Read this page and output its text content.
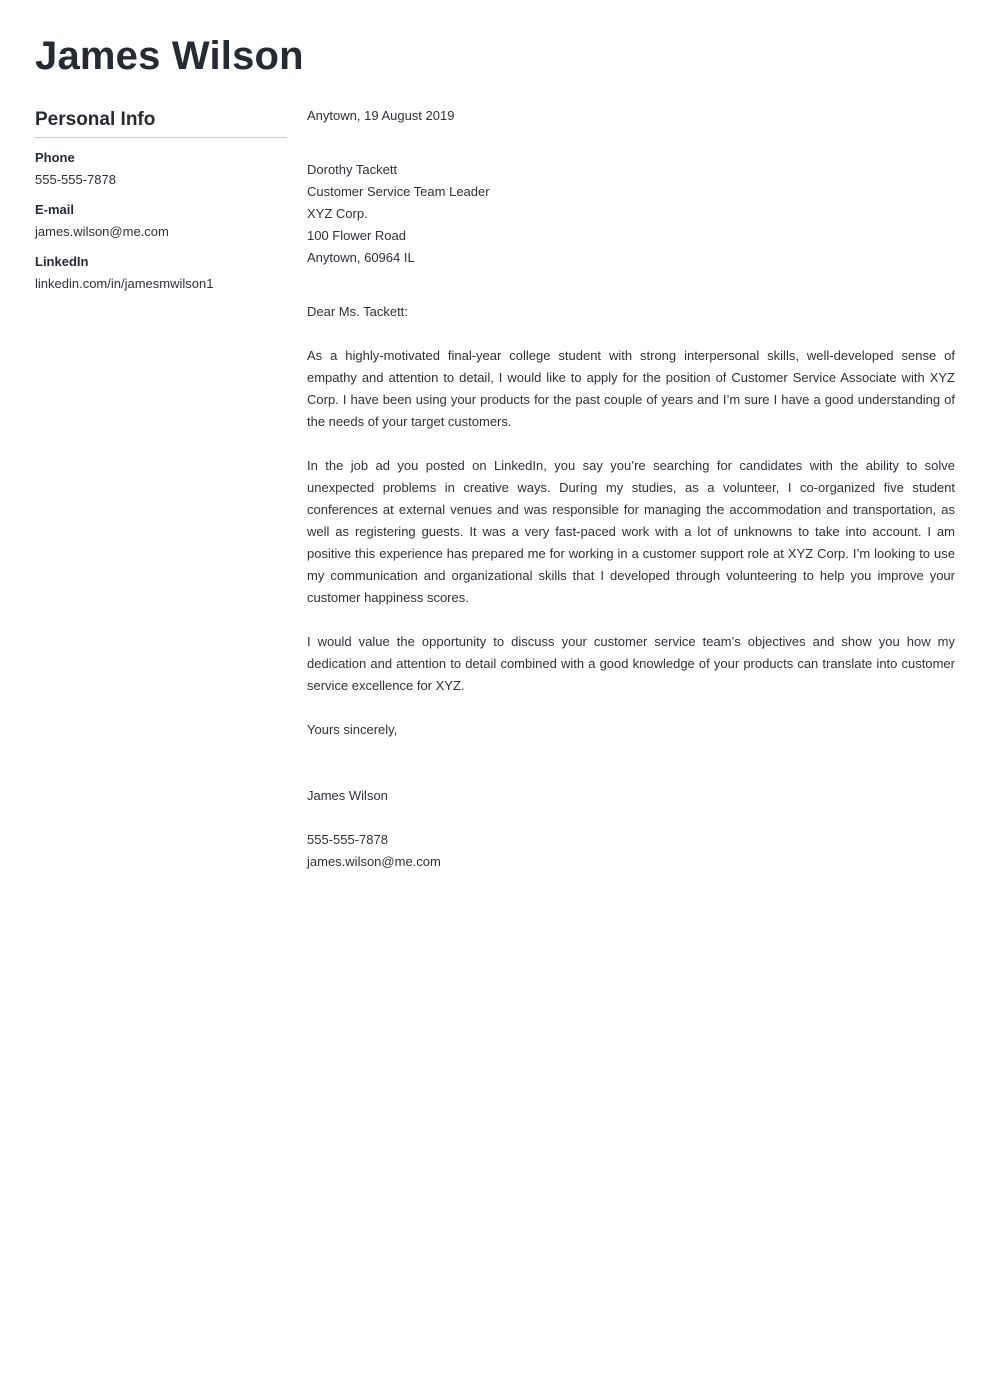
James Wilson
Personal Info
Phone
555-555-7878
E-mail
james.wilson@me.com
LinkedIn
linkedin.com/in/jamesmwilson1
Anytown, 19 August 2019
Dorothy Tackett
Customer Service Team Leader
XYZ Corp.
100 Flower Road
Anytown, 60964 IL
Dear Ms. Tackett:

As a highly-motivated final-year college student with strong interpersonal skills, well-developed sense of empathy and attention to detail, I would like to apply for the position of Customer Service Associate with XYZ Corp. I have been using your products for the past couple of years and I’m sure I have a good understanding of the needs of your target customers.

In the job ad you posted on LinkedIn, you say you’re searching for candidates with the ability to solve unexpected problems in creative ways. During my studies, as a volunteer, I co-organized five student conferences at external venues and was responsible for managing the accommodation and transportation, as well as registering guests. It was a very fast-paced work with a lot of unknowns to take into account. I am positive this experience has prepared me for working in a customer support role at XYZ Corp. I’m looking to use my communication and organizational skills that I developed through volunteering to help you improve your customer happiness scores.

I would value the opportunity to discuss your customer service team’s objectives and show you how my dedication and attention to detail combined with a good knowledge of your products can translate into customer service excellence for XYZ.

Yours sincerely,
James Wilson
555-555-7878
james.wilson@me.com
